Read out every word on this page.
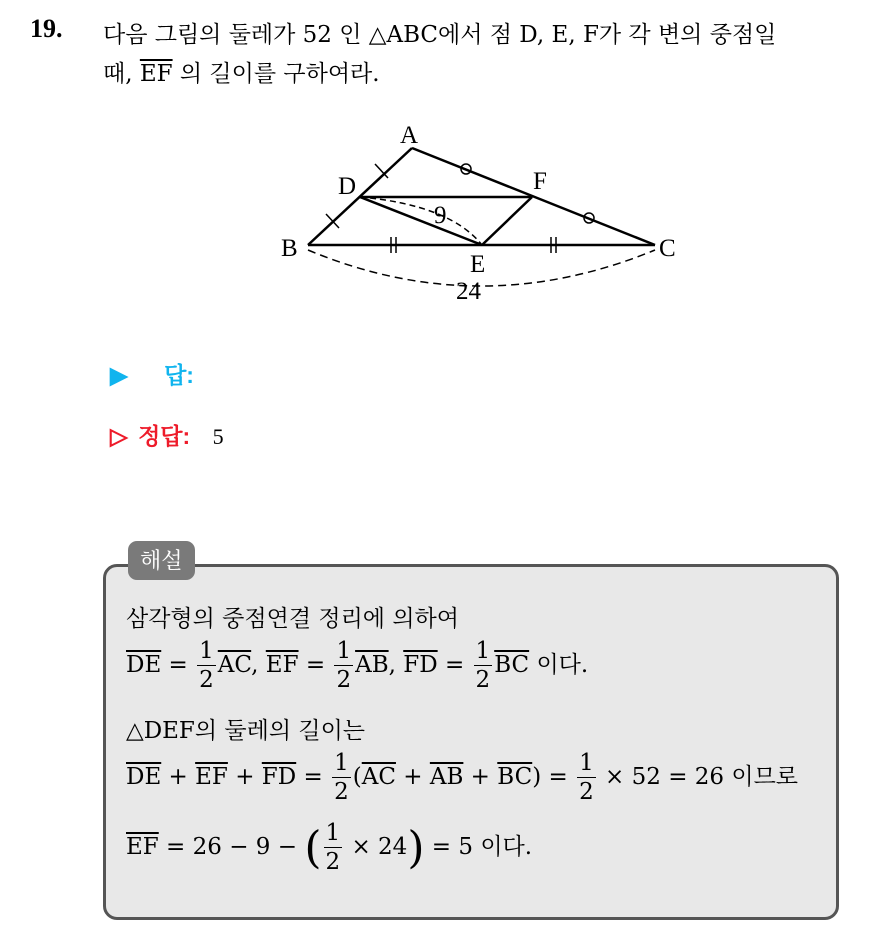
19. 다음 그림의 둘레가 52 인 △ABC에서 점 D, E, F가 각 변의 중점일
때, $\overline{EF}$ 의 길이를 구하여라.
A
B	C
D
E
F
9
24
▶ 답:
▷ 정답: 5
해설
삼각형의 중점연결 정리에 의하여
$\overline{DE} = \frac{1}{2} \overline{AC}$, $\overline{EF} = \frac{1}{2} \overline{AB}$, $\overline{FD} = \frac{1}{2} \overline{BC}$ 이다.
△DEF의 둘레의 길이는
$\overline{DE} + \overline{EF} + \overline{FD} = \frac{1}{2} (\overline{AC} + \overline{AB} + \overline{BC}) = \frac{1}{2} \times 52 = 26$ 이므로
$\overline{EF} = 26 - 9$ − ( $\frac{1}{2} \times 24) = 5$ 이다.
